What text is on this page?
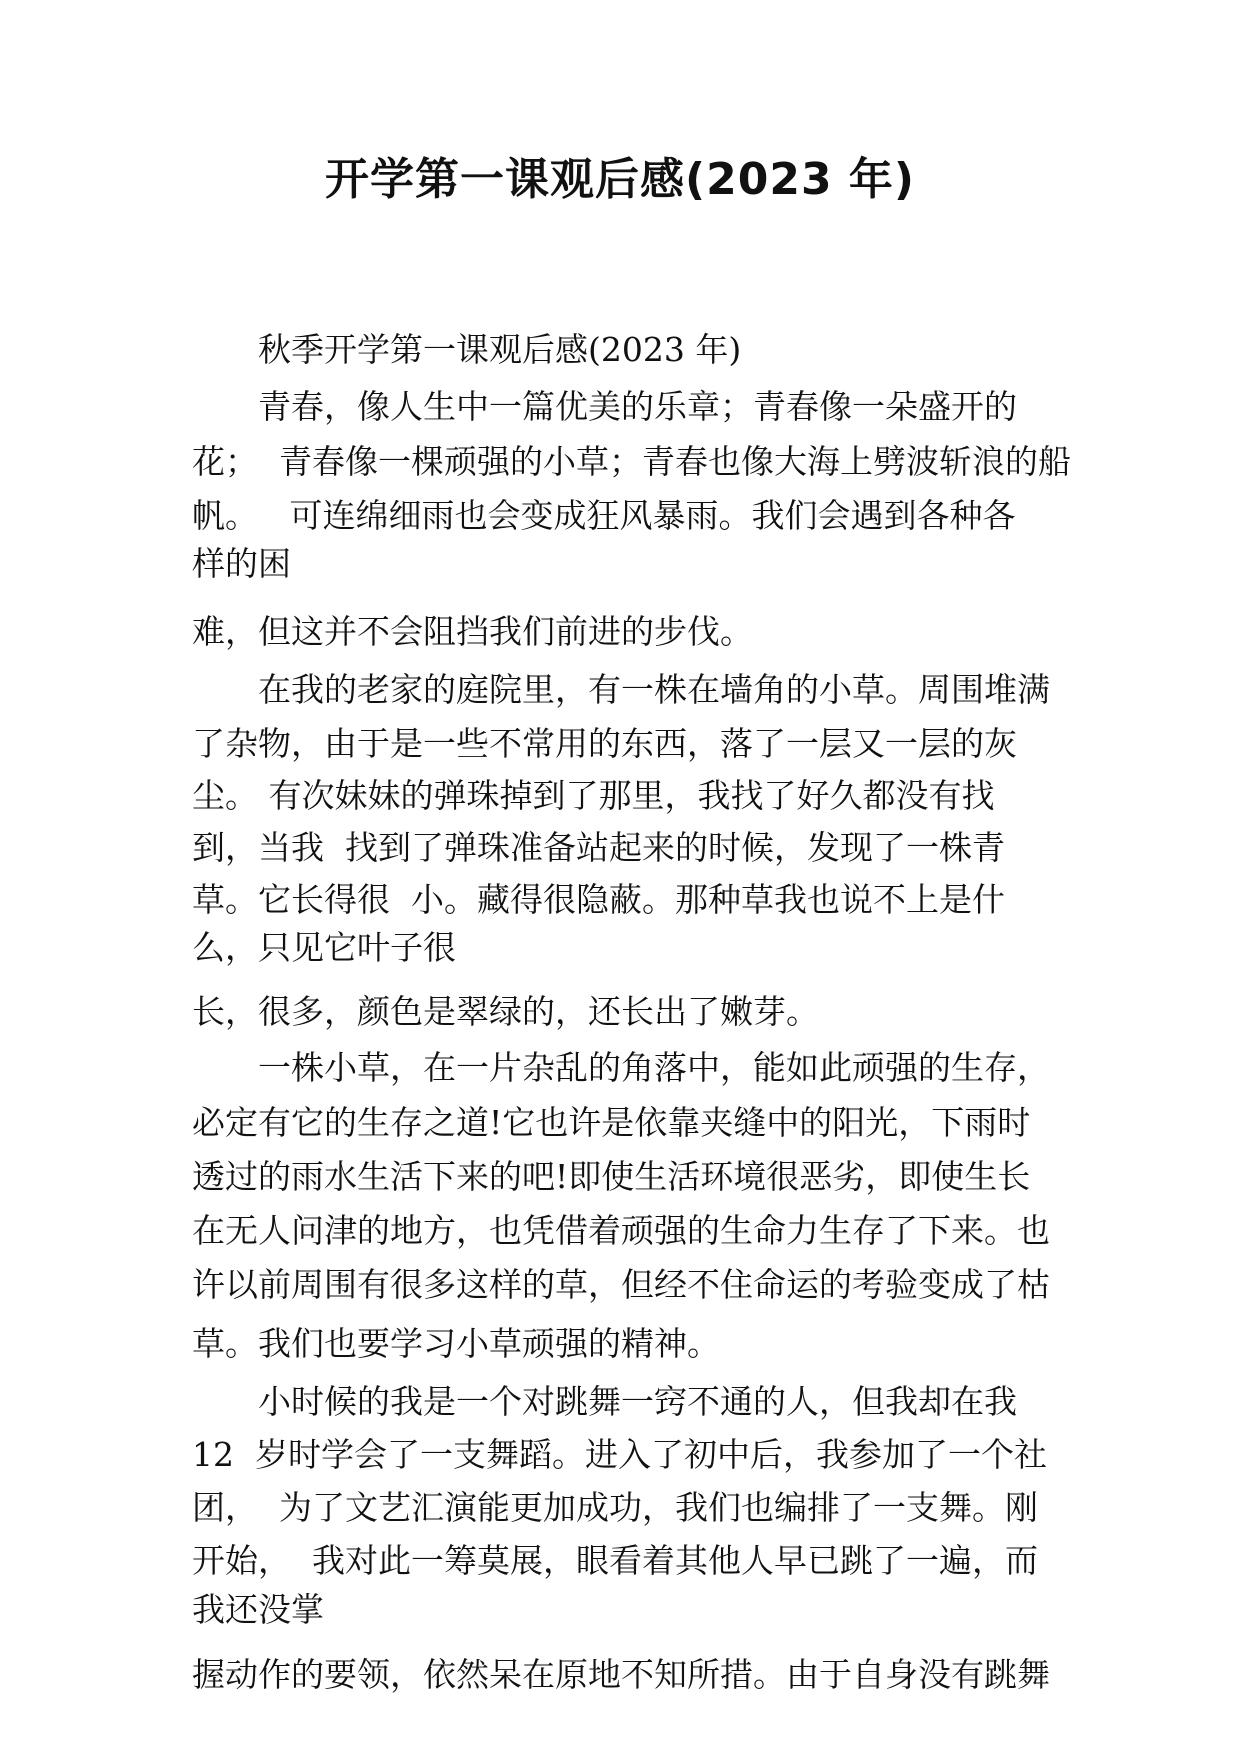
开学第一课观后感(2023 年)
秋季开学第一课观后感(2023 年)
青春，像人生中一篇优美的乐章；青春像一朵盛开的
花；  青春像一棵顽强的小草；青春也像大海上劈波斩浪的船
帆。   可连绵细雨也会变成狂风暴雨。我们会遇到各种各
样的困
难，但这并不会阻挡我们前进的步伐。
在我的老家的庭院里，有一株在墙角的小草。周围堆满
了杂物，由于是一些不常用的东西，落了一层又一层的灰
尘。 有次妹妹的弹珠掉到了那里，我找了好久都没有找
到，当我  找到了弹珠准备站起来的时候，发现了一株青
草。它长得很  小。藏得很隐蔽。那种草我也说不上是什
么，只见它叶子很
长，很多，颜色是翠绿的，还长出了嫩芽。
一株小草，在一片杂乱的角落中，能如此顽强的生存，
必定有它的生存之道!它也许是依靠夹缝中的阳光，下雨时
透过的雨水生活下来的吧!即使生活环境很恶劣，即使生长
在无人问津的地方，也凭借着顽强的生命力生存了下来。也
许以前周围有很多这样的草，但经不住命运的考验变成了枯
草。我们也要学习小草顽强的精神。
小时候的我是一个对跳舞一窍不通的人，但我却在我
12  岁时学会了一支舞蹈。进入了初中后，我参加了一个社
团，  为了文艺汇演能更加成功，我们也编排了一支舞。刚
开始，  我对此一筹莫展，眼看着其他人早已跳了一遍，而
我还没掌
握动作的要领，依然呆在原地不知所措。由于自身没有跳舞
